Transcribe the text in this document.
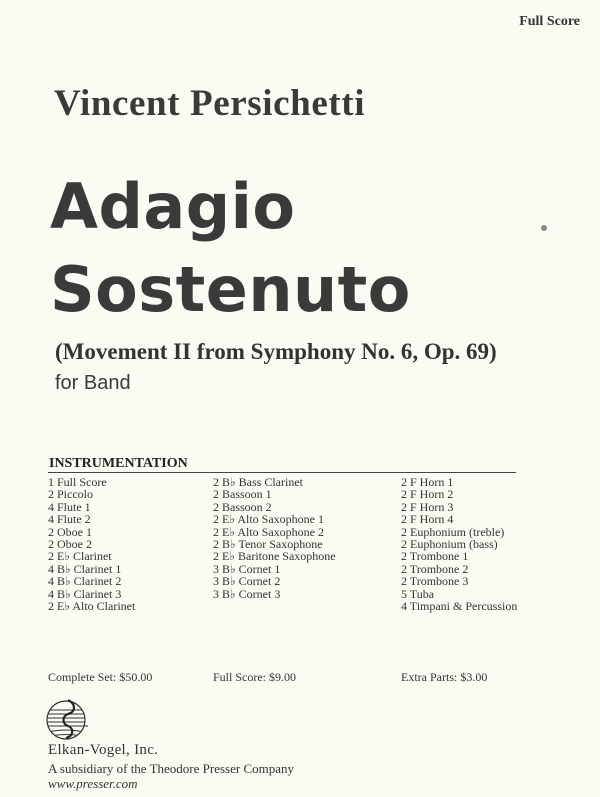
Full Score
Vincent Persichetti
Adagio
Sostenuto
(Movement II from Symphony No. 6, Op. 69)
for Band
INSTRUMENTATION
1 Full Score
2 Piccolo
4 Flute 1
4 Flute 2
2 Oboe 1
2 Oboe 2
2 E♭ Clarinet
4 B♭ Clarinet 1
4 B♭ Clarinet 2
4 B♭ Clarinet 3
2 E♭ Alto Clarinet
2 B♭ Bass Clarinet
2 Bassoon 1
2 Bassoon 2
2 E♭ Alto Saxophone 1
2 E♭ Alto Saxophone 2
2 B♭ Tenor Saxophone
2 E♭ Baritone Saxophone
3 B♭ Cornet 1
3 B♭ Cornet 2
3 B♭ Cornet 3
2 F Horn 1
2 F Horn 2
2 F Horn 3
2 F Horn 4
2 Euphonium (treble)
2 Euphonium (bass)
2 Trombone 1
2 Trombone 2
2 Trombone 3
5 Tuba
4 Timpani & Percussion
Complete Set: $50.00	Full Score: $9.00	Extra Parts: $3.00
Elkan-Vogel, Inc.
A subsidiary of the Theodore Presser Company
www.presser.com
